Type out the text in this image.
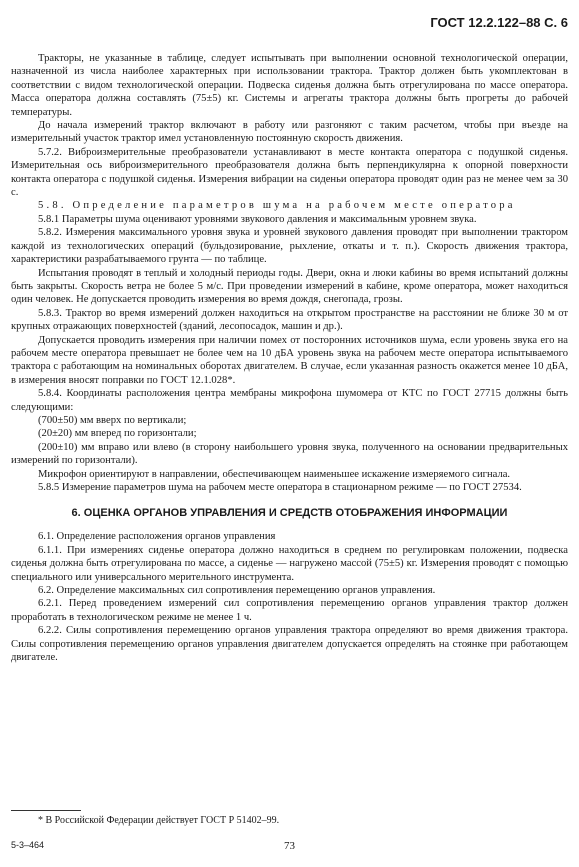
ГОСТ 12.2.122–88 С. 6

Тракторы, не указанные в таблице, следует испытывать при выполнении основной технологической операции, назначенной из числа наиболее характерных при использовании трактора. Трактор должен быть укомплектован в соответствии с видом технологической операции. Подвеска сиденья должна быть отрегулирована по массе оператора. Масса оператора должна составлять (75±5) кг. Системы и агрегаты трактора должны быть прогреты до рабочей температуры.

До начала измерений трактор включают в работу или разгоняют с таким расчетом, чтобы при въезде на измерительный участок трактор имел установленную постоянную скорость движения.

5.7.2. Виброизмерительные преобразователи устанавливают в месте контакта оператора с подушкой сиденья. Измерительная ось виброизмерительного преобразователя должна быть перпендикулярна к опорной поверхности контакта оператора с подушкой сиденья. Измерения вибрации на сиденьи оператора проводят один раз не менее чем за 30 с.

5.8. Определение параметров шума на рабочем месте оператора

5.8.1 Параметры шума оценивают уровнями звукового давления и максимальным уровнем звука.

5.8.2. Измерения максимального уровня звука и уровней звукового давления проводят при выполнении трактором каждой из технологических операций (бульдозирование, рыхление, откаты и т. п.). Скорость движения трактора, характеристики разрабатываемого грунта — по таблице.

Испытания проводят в теплый и холодный периоды годы. Двери, окна и люки кабины во время испытаний должны быть закрыты. Скорость ветра не более 5 м/с. При проведении измерений в кабине, кроме оператора, может находиться один человек. Не допускается проводить измерения во время дождя, снегопада, грозы.

5.8.3. Трактор во время измерений должен находиться на открытом пространстве на расстоянии не ближе 30 м от крупных отражающих поверхностей (зданий, лесопосадок, машин и др.).

Допускается проводить измерения при наличии помех от посторонних источников шума, если уровень звука его на рабочем месте оператора превышает не более чем на 10 дБА уровень звука на рабочем месте оператора испытываемого трактора с работающим на номинальных оборотах двигателем. В случае, если указанная разность окажется менее 10 дБА, в измерения вносят поправки по ГОСТ 12.1.028*.

5.8.4. Координаты расположения центра мембраны микрофона шумомера от КТС по ГОСТ 27715 должны быть следующими:

(700±50) мм вверх по вертикали;

(20±20) мм вперед по горизонтали;

(200±10) мм вправо или влево (в сторону наибольшего уровня звука, полученного на основании предварительных измерений по горизонтали).

Микрофон ориентируют в направлении, обеспечивающем наименьшее искажение измеряемого сигнала.

5.8.5 Измерение параметров шума на рабочем месте оператора в стационарном режиме — по ГОСТ 27534.

6. ОЦЕНКА ОРГАНОВ УПРАВЛЕНИЯ И СРЕДСТВ ОТОБРАЖЕНИЯ ИНФОРМАЦИИ

6.1. Определение расположения органов управления

6.1.1. При измерениях сиденье оператора должно находиться в среднем по регулировкам положении, подвеска сиденья должна быть отрегулирована по массе, а сиденье — нагружено массой (75±5) кг. Измерения проводят с помощью специального или универсального мерительного инструмента.

6.2. Определение максимальных сил сопротивления перемещению органов управления.

6.2.1. Перед проведением измерений сил сопротивления перемещению органов управления трактор должен проработать в технологическом режиме не менее 1 ч.

6.2.2. Силы сопротивления перемещению органов управления трактора определяют во время движения трактора. Силы сопротивления перемещению органов управления двигателем допускается определять на стоянке при работающем двигателе.

* В Российской Федерации действует ГОСТ Р 51402–99.
5-3–464	73
